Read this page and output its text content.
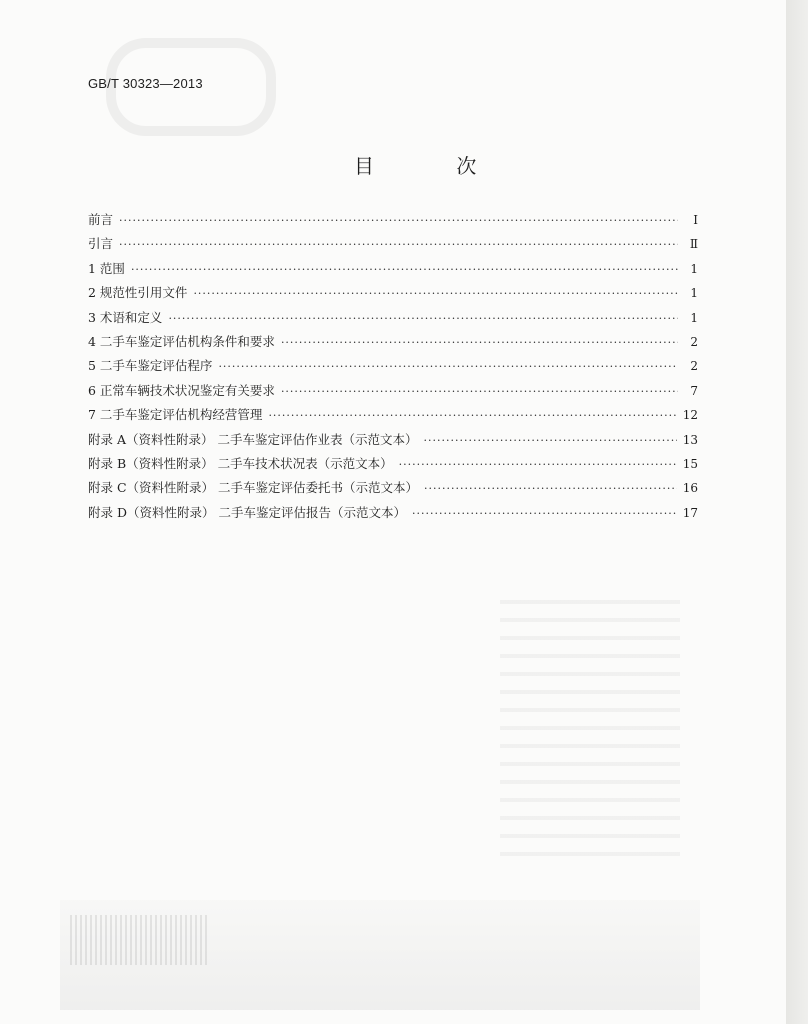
GB/T 30323—2013
目 次
前言 ·····	Ⅰ
引言 ·····	Ⅱ
1 范围 ·····	1
2 规范性引用文件 ·····	1
3 术语和定义 ·····	1
4 二手车鉴定评估机构条件和要求 ·····	2
5 二手车鉴定评估程序 ·····	2
6 正常车辆技术状况鉴定有关要求 ·····	7
7 二手车鉴定评估机构经营管理 ·····	12
附录 A（资料性附录） 二手车鉴定评估作业表（示范文本） ·····	13
附录 B（资料性附录） 二手车技术状况表（示范文本） ·····	15
附录 C（资料性附录） 二手车鉴定评估委托书（示范文本） ·····	16
附录 D（资料性附录） 二手车鉴定评估报告（示范文本） ·····	17
